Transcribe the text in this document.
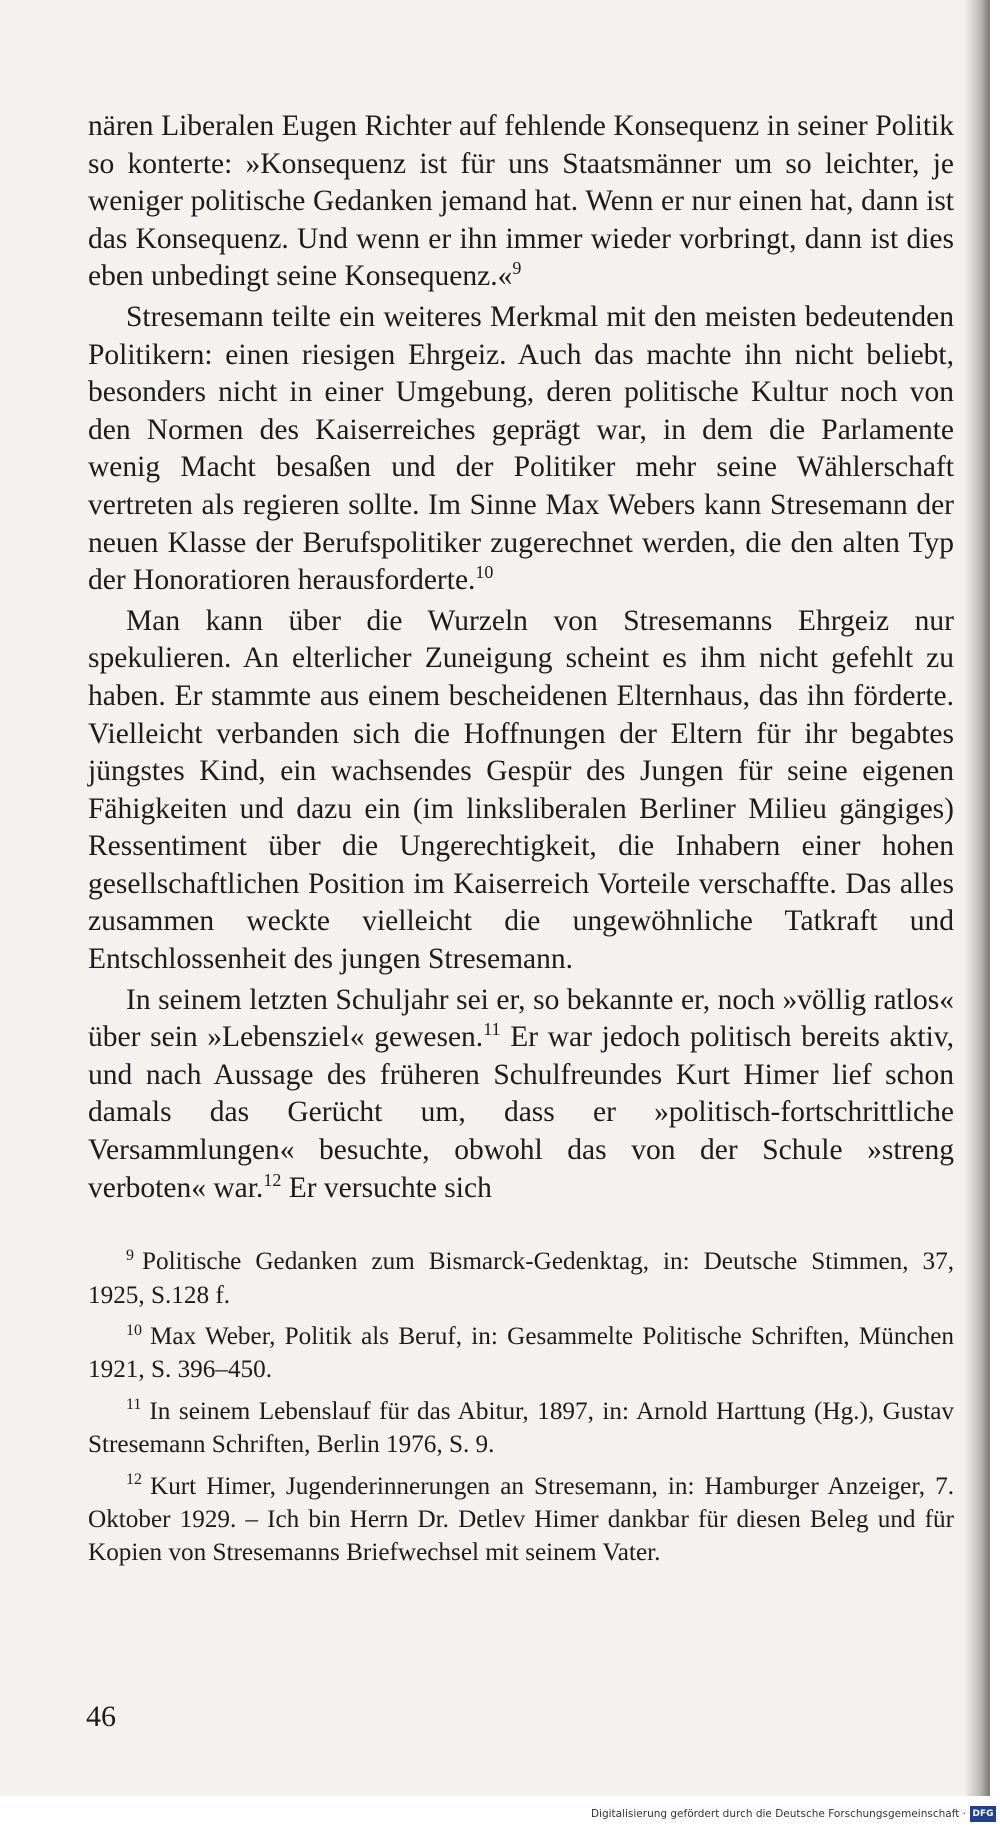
nären Liberalen Eugen Richter auf fehlende Konsequenz in seiner Politik so konterte: »Konsequenz ist für uns Staatsmänner um so leichter, je weniger politische Gedanken jemand hat. Wenn er nur einen hat, dann ist das Konsequenz. Und wenn er ihn immer wieder vorbringt, dann ist dies eben unbedingt seine Konsequenz.«$^9$

Stresemann teilte ein weiteres Merkmal mit den meisten bedeutenden Politikern: einen riesigen Ehrgeiz. Auch das machte ihn nicht beliebt, besonders nicht in einer Umgebung, deren politische Kultur noch von den Normen des Kaiserreiches geprägt war, in dem die Parlamente wenig Macht besaßen und der Politiker mehr seine Wählerschaft vertreten als regieren sollte. Im Sinne Max Webers kann Stresemann der neuen Klasse der Berufspolitiker zugerechnet werden, die den alten Typ der Honoratioren herausforderte.$^{10}$

Man kann über die Wurzeln von Stresemanns Ehrgeiz nur spekulieren. An elterlicher Zuneigung scheint es ihm nicht gefehlt zu haben. Er stammte aus einem bescheidenen Elternhaus, das ihn förderte. Vielleicht verbanden sich die Hoffnungen der Eltern für ihr begabtes jüngstes Kind, ein wachsendes Gespür des Jungen für seine eigenen Fähigkeiten und dazu ein (im linksliberalen Berliner Milieu gängiges) Ressentiment über die Ungerechtigkeit, die Inhabern einer hohen gesellschaftlichen Position im Kaiserreich Vorteile verschaffte. Das alles zusammen weckte vielleicht die ungewöhnliche Tatkraft und Entschlossenheit des jungen Stresemann.

In seinem letzten Schuljahr sei er, so bekannte er, noch »völlig ratlos« über sein »Lebensziel« gewesen.$^{11}$ Er war jedoch politisch bereits aktiv, und nach Aussage des früheren Schulfreundes Kurt Himer lief schon damals das Gerücht um, dass er »politisch-fortschrittliche Versammlungen« besuchte, obwohl das von der Schule »streng verboten« war.$^{12}$ Er versuchte sich

$^9$ Politische Gedanken zum Bismarck-Gedenktag, in: Deutsche Stimmen, 37, 1925, S.128 f.

$^{10}$ Max Weber, Politik als Beruf, in: Gesammelte Politische Schriften, München 1921, S. 396–450.

$^{11}$ In seinem Lebenslauf für das Abitur, 1897, in: Arnold Harttung (Hg.), Gustav Stresemann Schriften, Berlin 1976, S. 9.

$^{12}$ Kurt Himer, Jugenderinnerungen an Stresemann, in: Hamburger Anzeiger, 7. Oktober 1929. – Ich bin Herrn Dr. Detlev Himer dankbar für diesen Beleg und für Kopien von Stresemanns Briefwechsel mit seinem Vater.

46
Digitalisierung gefördert durch die Deutsche Forschungsgemeinschaft · DFG
